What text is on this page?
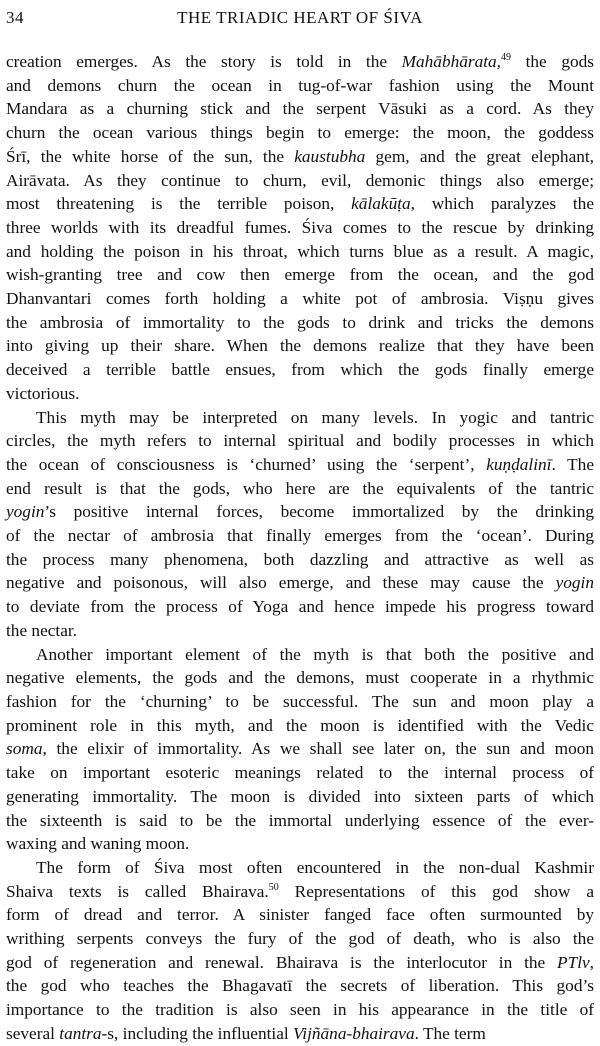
34	THE TRIADIC HEART OF ŚIVA
creation emerges. As the story is told in the Mahābhārata,$^{49}$ the gods
and demons churn the ocean in tug-of-war fashion using the Mount
Mandara as a churning stick and the serpent Vāsuki as a cord. As they
churn the ocean various things begin to emerge: the moon, the goddess
Śrī, the white horse of the sun, the kaustubha gem, and the great elephant,
Airāvata. As they continue to churn, evil, demonic things also emerge;
most threatening is the terrible poison, kālakūṭa, which paralyzes the
three worlds with its dreadful fumes. Śiva comes to the rescue by drinking
and holding the poison in his throat, which turns blue as a result. A magic,
wish-granting tree and cow then emerge from the ocean, and the god
Dhanvantari comes forth holding a white pot of ambrosia. Viṣṇu gives
the ambrosia of immortality to the gods to drink and tricks the demons
into giving up their share. When the demons realize that they have been
deceived a terrible battle ensues, from which the gods finally emerge
victorious.
This myth may be interpreted on many levels. In yogic and tantric
circles, the myth refers to internal spiritual and bodily processes in which
the ocean of consciousness is ‘churned’ using the ‘serpent’, kuṇḍalinī. The
end result is that the gods, who here are the equivalents of the tantric
yogin’s positive internal forces, become immortalized by the drinking
of the nectar of ambrosia that finally emerges from the ‘ocean’. During
the process many phenomena, both dazzling and attractive as well as
negative and poisonous, will also emerge, and these may cause the yogin
to deviate from the process of Yoga and hence impede his progress toward
the nectar.
Another important element of the myth is that both the positive and
negative elements, the gods and the demons, must cooperate in a rhythmic
fashion for the ‘churning’ to be successful. The sun and moon play a
prominent role in this myth, and the moon is identified with the Vedic
soma, the elixir of immortality. As we shall see later on, the sun and moon
take on important esoteric meanings related to the internal process of
generating immortality. The moon is divided into sixteen parts of which
the sixteenth is said to be the immortal underlying essence of the ever-
waxing and waning moon.
The form of Śiva most often encountered in the non-dual Kashmir
Shaiva texts is called Bhairava.$^{50}$ Representations of this god show a
form of dread and terror. A sinister fanged face often surmounted by
writhing serpents conveys the fury of the god of death, who is also the
god of regeneration and renewal. Bhairava is the interlocutor in the PTlv,
the god who teaches the Bhagavatī the secrets of liberation. This god’s
importance to the tradition is also seen in his appearance in the title of
several tantra-s, including the influential Vijñāna-bhairava. The term
